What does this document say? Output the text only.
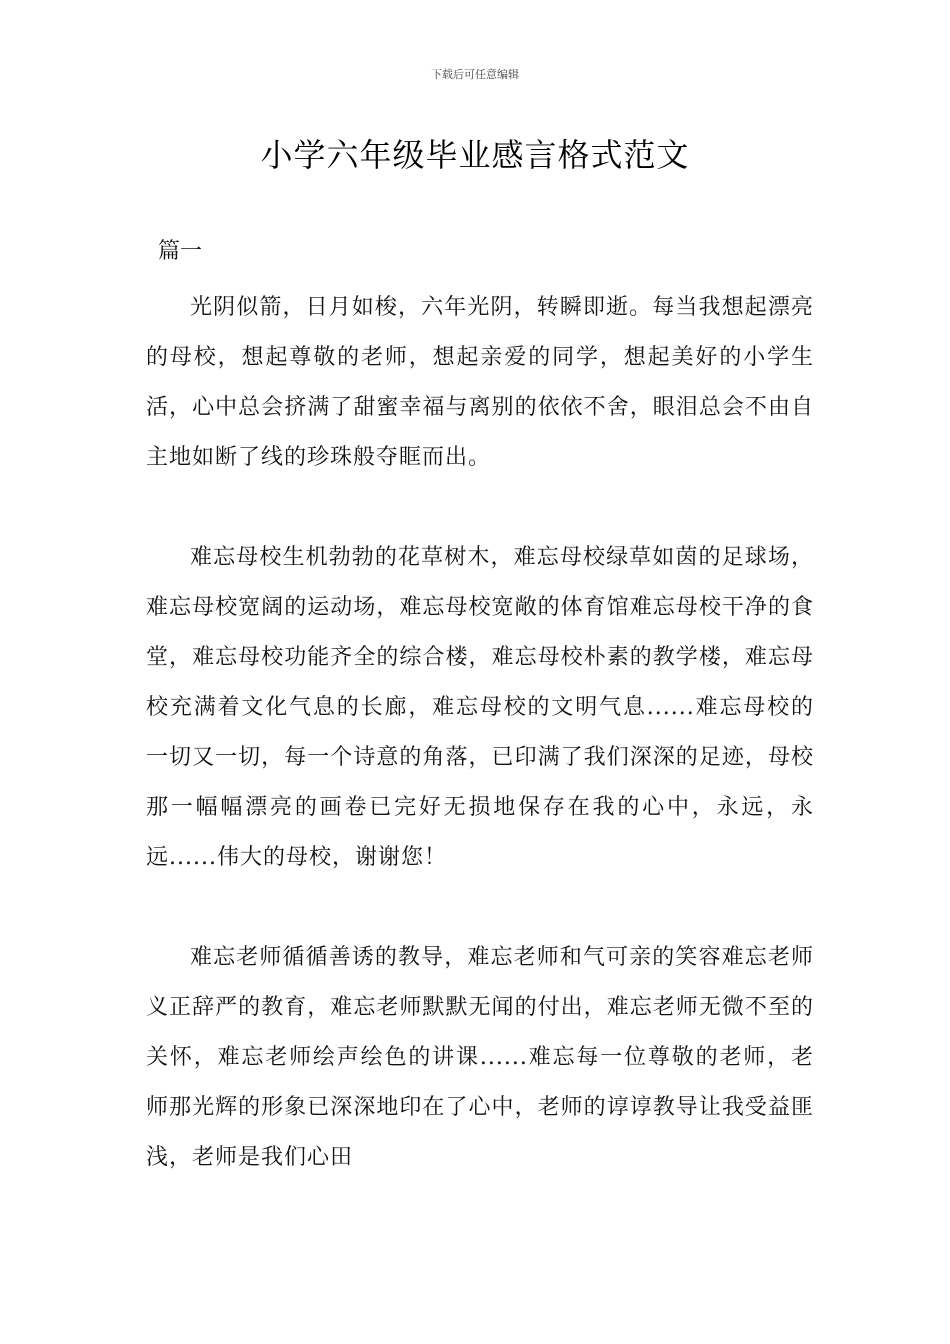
下载后可任意编辑
小学六年级毕业感言格式范文
篇一

光阴似箭，日月如梭，六年光阴，转瞬即逝。每当我想起漂亮的母校，想起尊敬的老师，想起亲爱的同学，想起美好的小学生活，心中总会挤满了甜蜜幸福与离别的依依不舍，眼泪总会不由自主地如断了线的珍珠般夺眶而出。

难忘母校生机勃勃的花草树木，难忘母校绿草如茵的足球场，难忘母校宽阔的运动场，难忘母校宽敞的体育馆难忘母校干净的食堂，难忘母校功能齐全的综合楼，难忘母校朴素的教学楼，难忘母校充满着文化气息的长廊，难忘母校的文明气息......难忘母校的一切又一切，每一个诗意的角落，已印满了我们深深的足迹，母校那一幅幅漂亮的画卷已完好无损地保存在我的心中，永远，永远......伟大的母校，谢谢您！

难忘老师循循善诱的教导，难忘老师和气可亲的笑容难忘老师义正辞严的教育，难忘老师默默无闻的付出，难忘老师无微不至的关怀，难忘老师绘声绘色的讲课......难忘每一位尊敬的老师，老师那光辉的形象已深深地印在了心中，老师的谆谆教导让我受益匪浅，老师是我们心田
